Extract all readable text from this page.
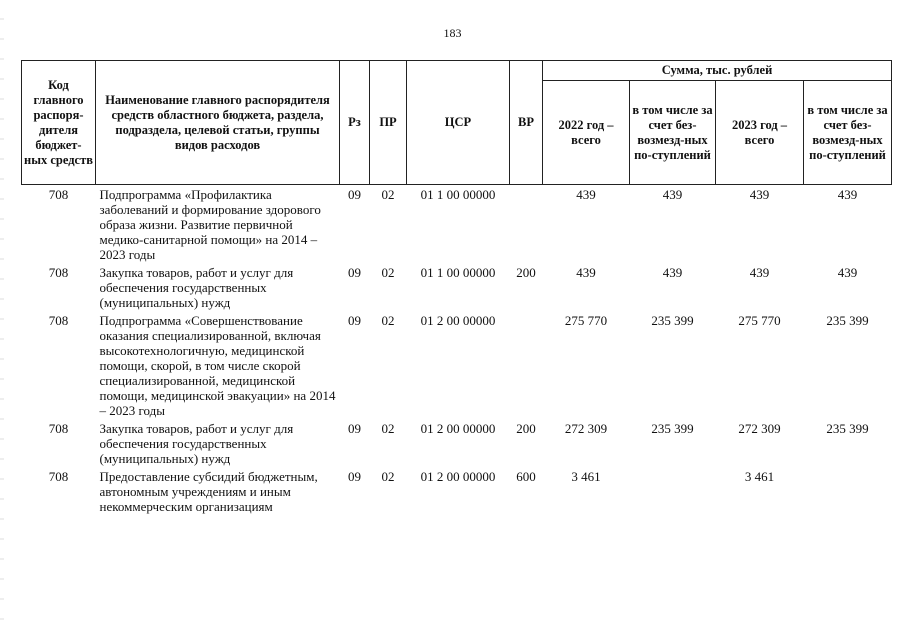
183
Код главного распоря-дителя бюджет-ных средств	Наименование главного распорядителя средств областного бюджета, раздела, подраздела, целевой статьи, группы видов расходов	Рз	ПР	ЦСР	ВР	Сумма, тыс. рублей			
						2022 год – всего	в том числе за счет без-возмезд-ных по-ступлений	2023 год – всего	в том числе за счет без-возмезд-ных по-ступлений
708	Подпрограмма «Профилактика заболеваний и формирование здорового образа жизни. Развитие первичной медико-санитарной помощи» на 2014 – 2023 годы	09	02	01 1 00 00000		439	439	439	439
708	Закупка товаров, работ и услуг для обеспечения государственных (муниципальных) нужд	09	02	01 1 00 00000	200	439	439	439	439
708	Подпрограмма «Совершенствование оказания специализированной, включая высокотехнологичную, медицинской помощи, скорой, в том числе скорой специализированной, медицинской помощи, медицинской эвакуации» на 2014 – 2023 годы	09	02	01 2 00 00000		275 770	235 399	275 770	235 399
708	Закупка товаров, работ и услуг для обеспечения государственных (муниципальных) нужд	09	02	01 2 00 00000	200	272 309	235 399	272 309	235 399
708	Предоставление субсидий бюджетным, автономным учреждениям и иным некоммерческим организациям	09	02	01 2 00 00000	600	3 461		3 461	
